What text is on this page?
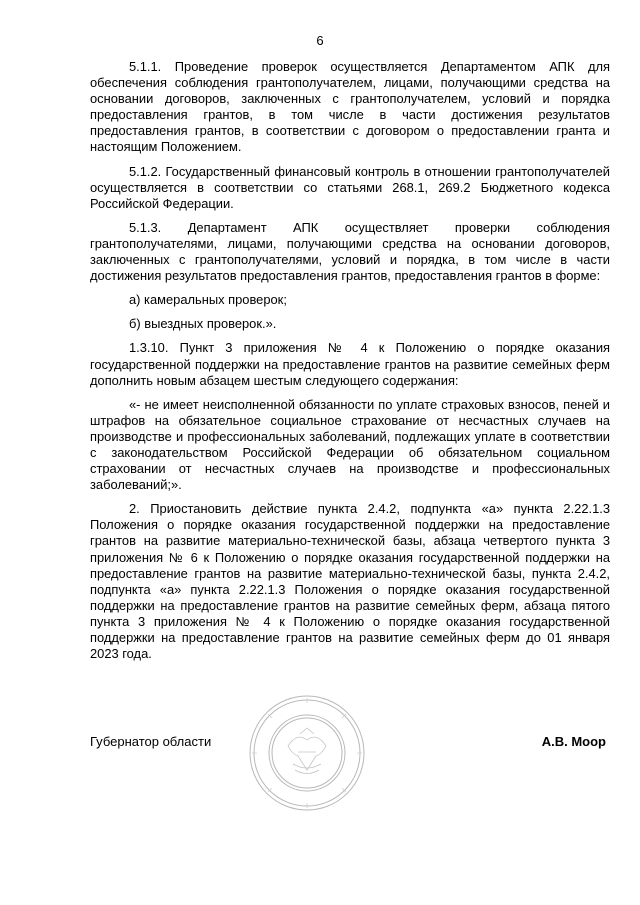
6

5.1.1. Проведение проверок осуществляется Департаментом АПК для обеспечения соблюдения грантополучателем, лицами, получающими средства на основании договоров, заключенных с грантополучателем, условий и порядка предоставления грантов, в том числе в части достижения результатов предоставления грантов, в соответствии с договором о предоставлении гранта и настоящим Положением.

5.1.2. Государственный финансовый контроль в отношении грантополучателей осуществляется в соответствии со статьями 268.1, 269.2 Бюджетного кодекса Российской Федерации.

5.1.3. Департамент АПК осуществляет проверки соблюдения грантополучателями, лицами, получающими средства на основании договоров, заключенных с грантополучателями, условий и порядка, в том числе в части достижения результатов предоставления грантов, предоставления грантов в форме:

а) камеральных проверок;

б) выездных проверок.».

1.3.10. Пункт 3 приложения № 4 к Положению о порядке оказания государственной поддержки на предоставление грантов на развитие семейных ферм дополнить новым абзацем шестым следующего содержания:

«- не имеет неисполненной обязанности по уплате страховых взносов, пеней и штрафов на обязательное социальное страхование от несчастных случаев на производстве и профессиональных заболеваний, подлежащих уплате в соответствии с законодательством Российской Федерации об обязательном социальном страховании от несчастных случаев на производстве и профессиональных заболеваний;».

2. Приостановить действие пункта 2.4.2, подпункта «а» пункта 2.22.1.3 Положения о порядке оказания государственной поддержки на предоставление грантов на развитие материально-технической базы, абзаца четвертого пункта 3 приложения № 6 к Положению о порядке оказания государственной поддержки на предоставление грантов на развитие материально-технической базы, пункта 2.4.2, подпункта «а» пункта 2.22.1.3 Положения о порядке оказания государственной поддержки на предоставление грантов на развитие семейных ферм, абзаца пятого пункта 3 приложения № 4 к Положению о порядке оказания государственной поддержки на предоставление грантов на развитие семейных ферм до 01 января 2023 года.

Губернатор области	А.В. Моор
